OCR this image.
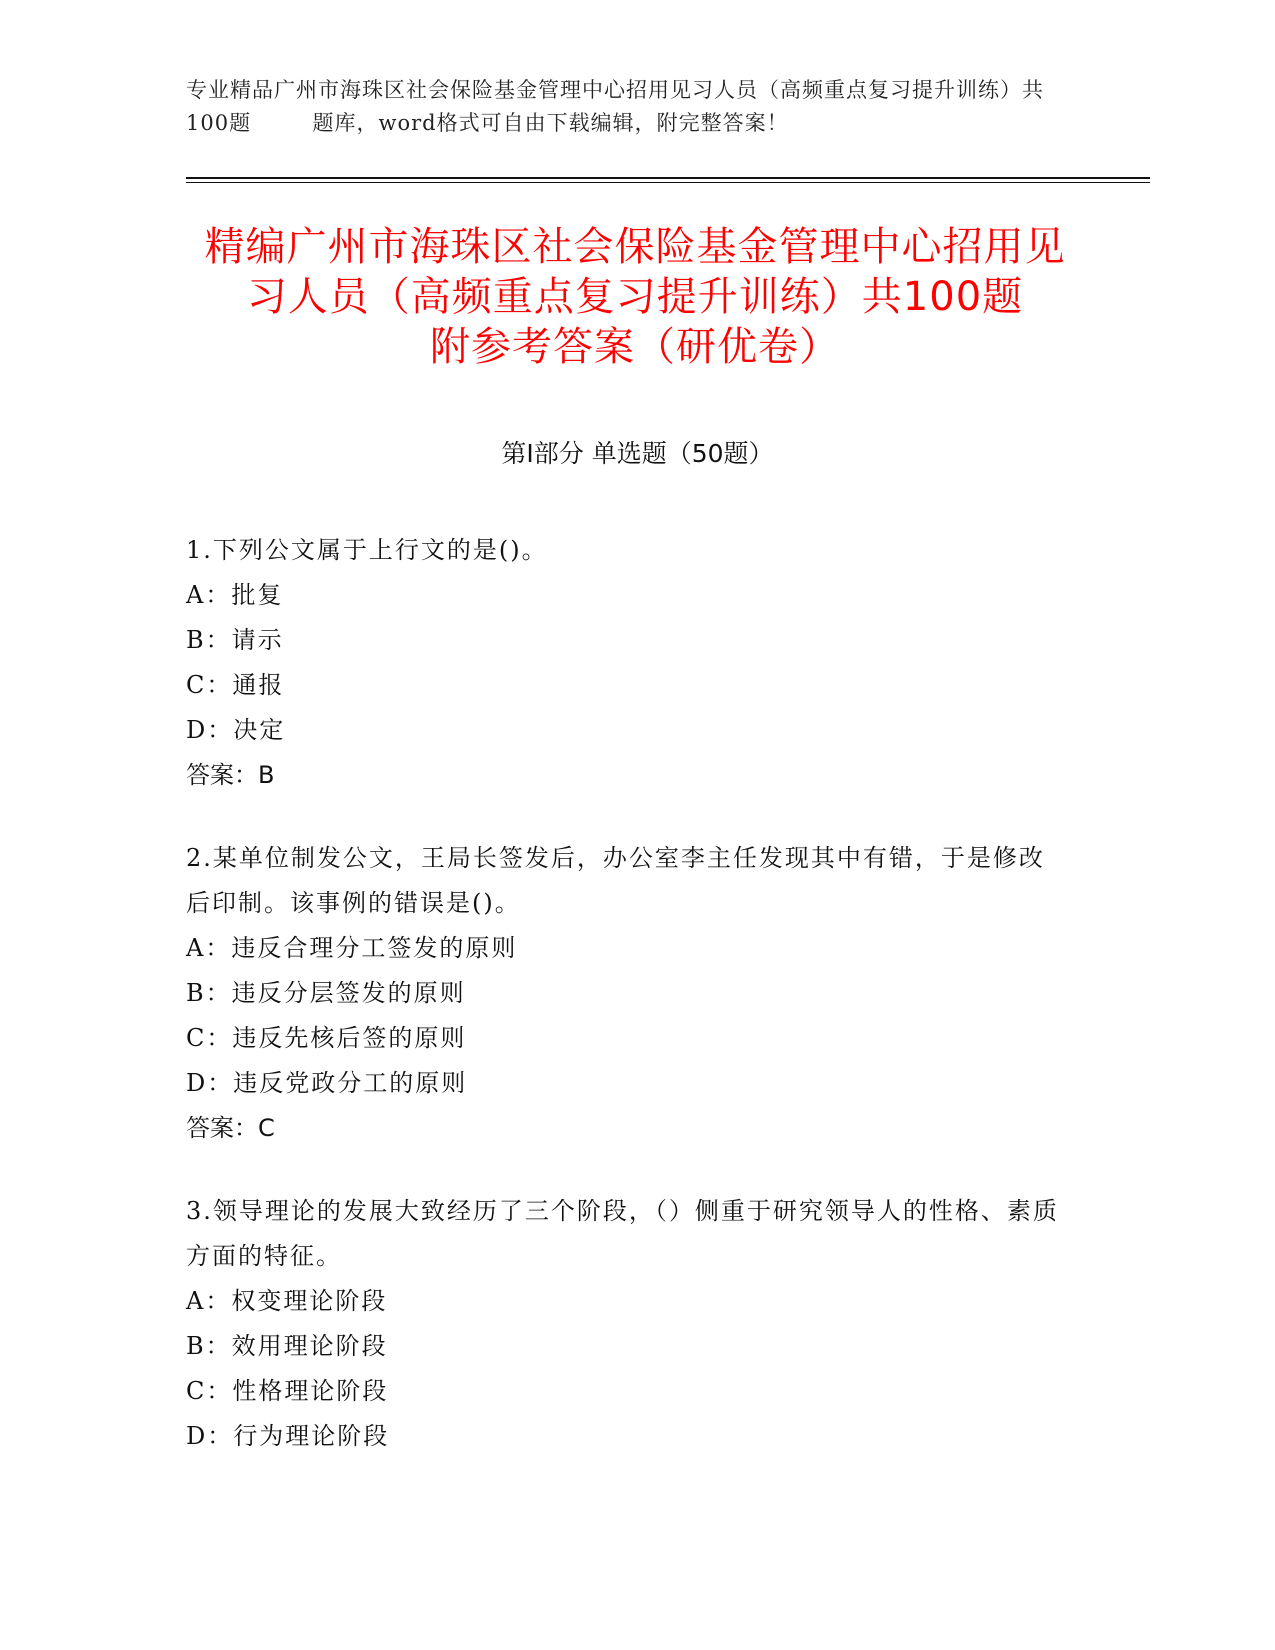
专业精品广州市海珠区社会保险基金管理中心招用见习人员（高频重点复习提升训练）共100题        题库，word格式可自由下载编辑，附完整答案！
精编广州市海珠区社会保险基金管理中心招用见习人员（高频重点复习提升训练）共100题        附参考答案（研优卷）
第Ⅰ部分 单选题（50题）

1.下列公文属于上行文的是()。

A：批复

B：请示

C：通报

D：决定

答案：B

2.某单位制发公文，王局长签发后，办公室李主任发现其中有错，于是修改后印制。该事例的错误是()。

A：违反合理分工签发的原则

B：违反分层签发的原则

C：违反先核后签的原则

D：违反党政分工的原则

答案：C

3.领导理论的发展大致经历了三个阶段，（）侧重于研究领导人的性格、素质方面的特征。

A：权变理论阶段

B：效用理论阶段

C：性格理论阶段

D：行为理论阶段
